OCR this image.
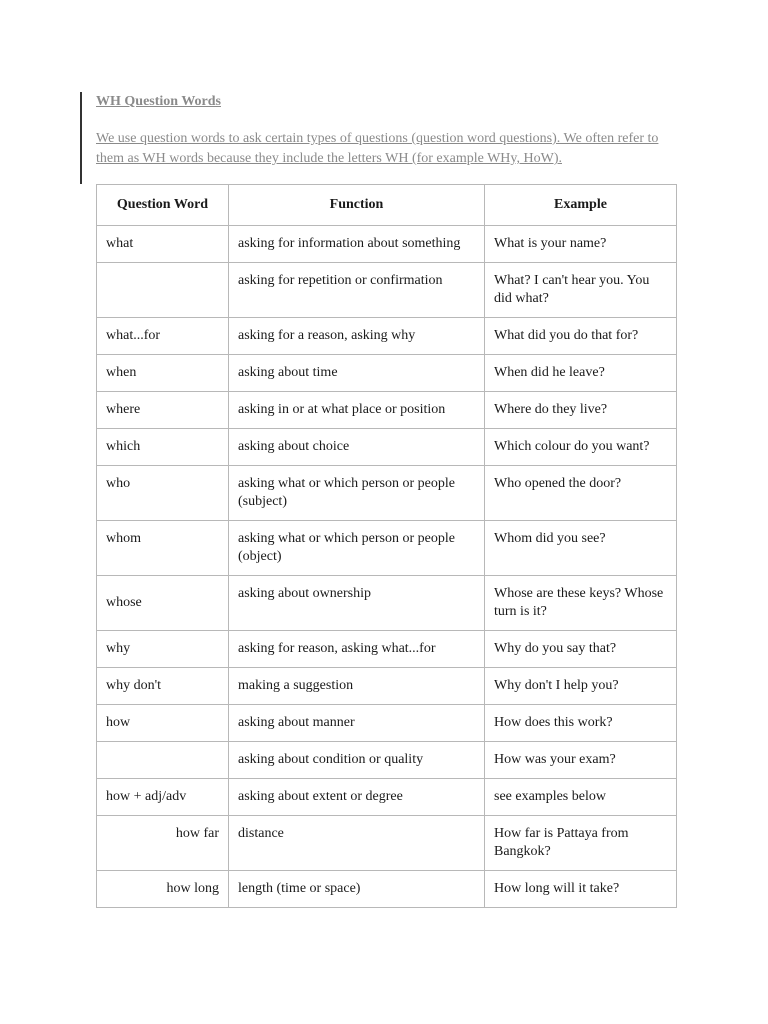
WH Question Words

We use question words to ask certain types of questions (question word questions). We often refer to them as WH words because they include the letters WH (for example WHy, HoW).

Question Word	Function	Example
what	asking for information about something	What is your name?
	asking for repetition or confirmation	What? I can't hear you. You did what?
what...for	asking for a reason, asking why	What did you do that for?
when	asking about time	When did he leave?
where	asking in or at what place or position	Where do they live?
which	asking about choice	Which colour do you want?
who	asking what or which person or people (subject)	Who opened the door?
whom	asking what or which person or people (object)	Whom did you see?
whose	asking about ownership	Whose are these keys? Whose turn is it?
why	asking for reason, asking what...for	Why do you say that?
why don't	making a suggestion	Why don't I help you?
how	asking about manner	How does this work?
	asking about condition or quality	How was your exam?
how + adj/adv	asking about extent or degree	see examples below
how far	distance	How far is Pattaya from Bangkok?
how long	length (time or space)	How long will it take?
